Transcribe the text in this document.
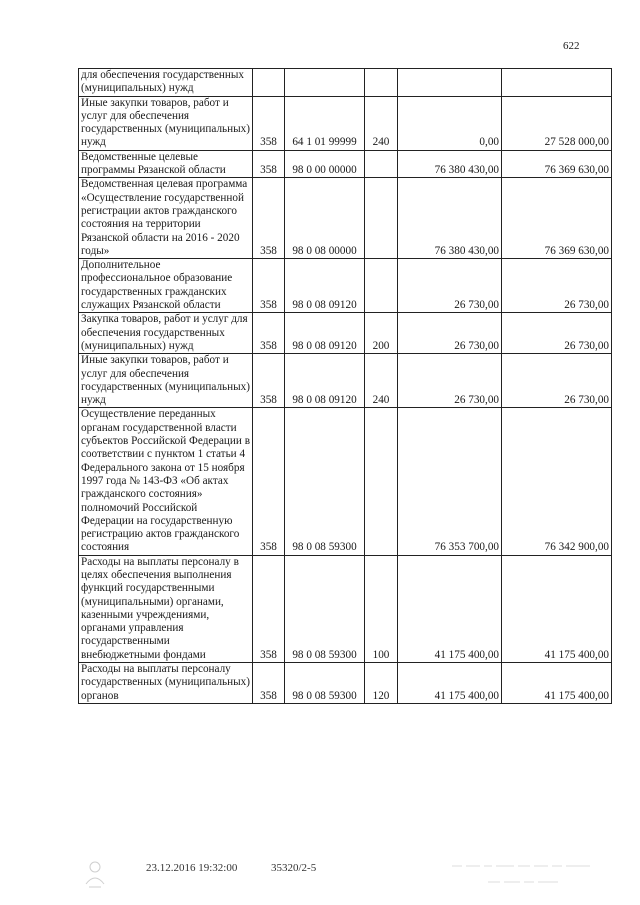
622
для обеспечения государственных (муниципальных) нужд					
Иные закупки товаров, работ и услуг для обеспечения государственных (муниципальных) нужд	358	64 1 01 99999	240	0,00	27 528 000,00
Ведомственные целевые программы Рязанской области	358	98 0 00 00000		76 380 430,00	76 369 630,00
Ведомственная целевая программа «Осуществление государственной регистрации актов гражданского состояния на территории Рязанской области на 2016 - 2020 годы»	358	98 0 08 00000		76 380 430,00	76 369 630,00
Дополнительное профессиональное образование государственных гражданских служащих Рязанской области	358	98 0 08 09120		26 730,00	26 730,00
Закупка товаров, работ и услуг для обеспечения государственных (муниципальных) нужд	358	98 0 08 09120	200	26 730,00	26 730,00
Иные закупки товаров, работ и услуг для обеспечения государственных (муниципальных) нужд	358	98 0 08 09120	240	26 730,00	26 730,00
Осуществление переданных органам государственной власти субъектов Российской Федерации в соответствии с пунктом 1 статьи 4 Федерального закона от 15 ноября 1997 года № 143-ФЗ «Об актах гражданского состояния» полномочий Российской Федерации на государственную регистрацию актов гражданского состояния	358	98 0 08 59300		76 353 700,00	76 342 900,00
Расходы на выплаты персоналу в целях обеспечения выполнения функций государственными (муниципальными) органами, казенными учреждениями, органами управления государственными внебюджетными фондами	358	98 0 08 59300	100	41 175 400,00	41 175 400,00
Расходы на выплаты персоналу государственных (муниципальных) органов	358	98 0 08 59300	120	41 175 400,00	41 175 400,00
23.12.2016 19:32:00	35320/2-5
